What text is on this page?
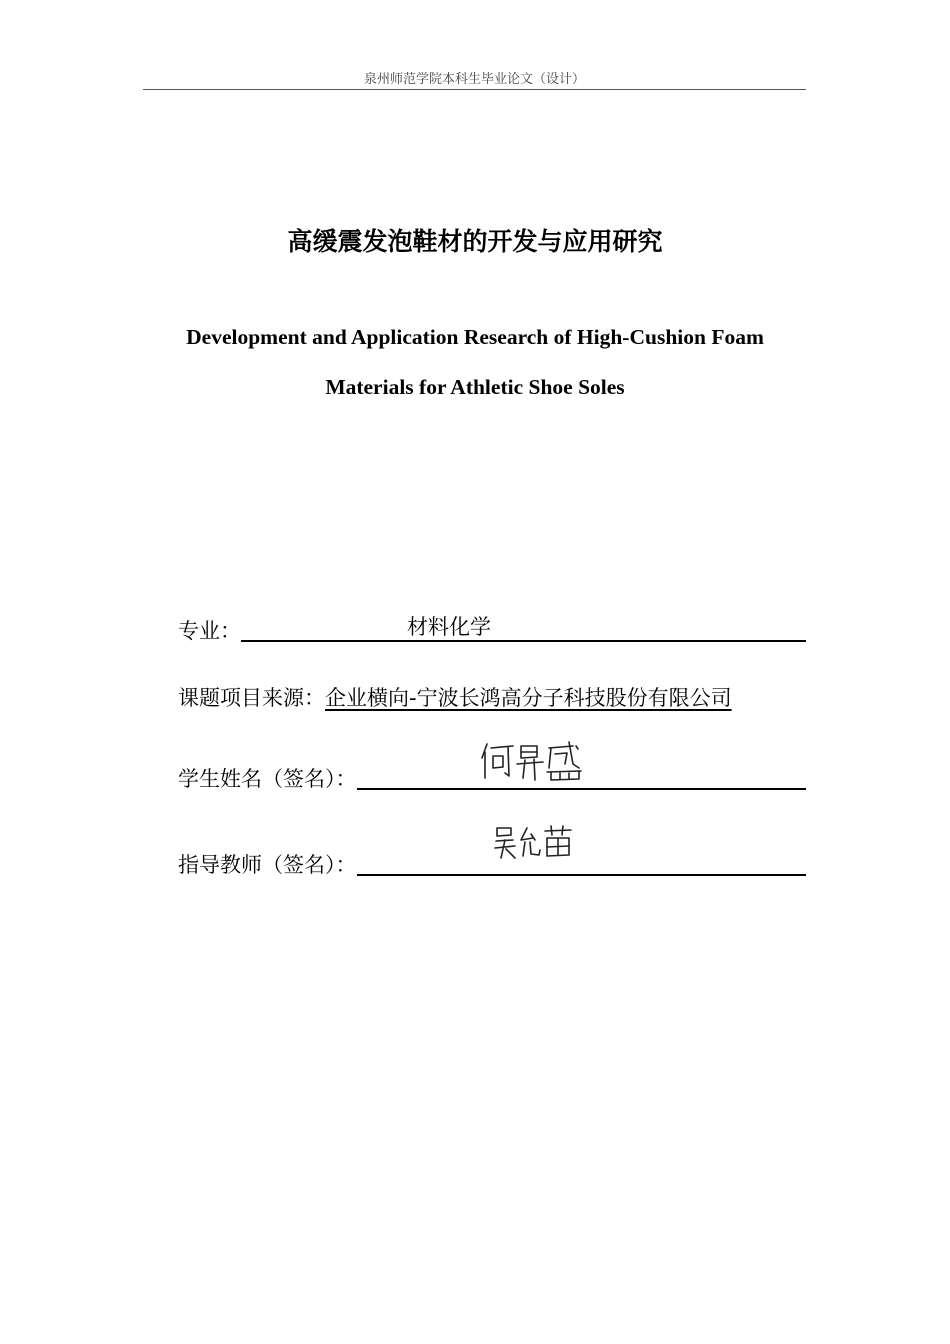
泉州师范学院本科生毕业论文（设计）
高缓震发泡鞋材的开发与应用研究
Development and Application Research of High-Cushion Foam
Materials for Athletic Shoe Soles
专业：	材料化学
课题项目来源： 企业横向-宁波长鸿高分子科技股份有限公司
学生姓名（签名）：
指导教师（签名）：
